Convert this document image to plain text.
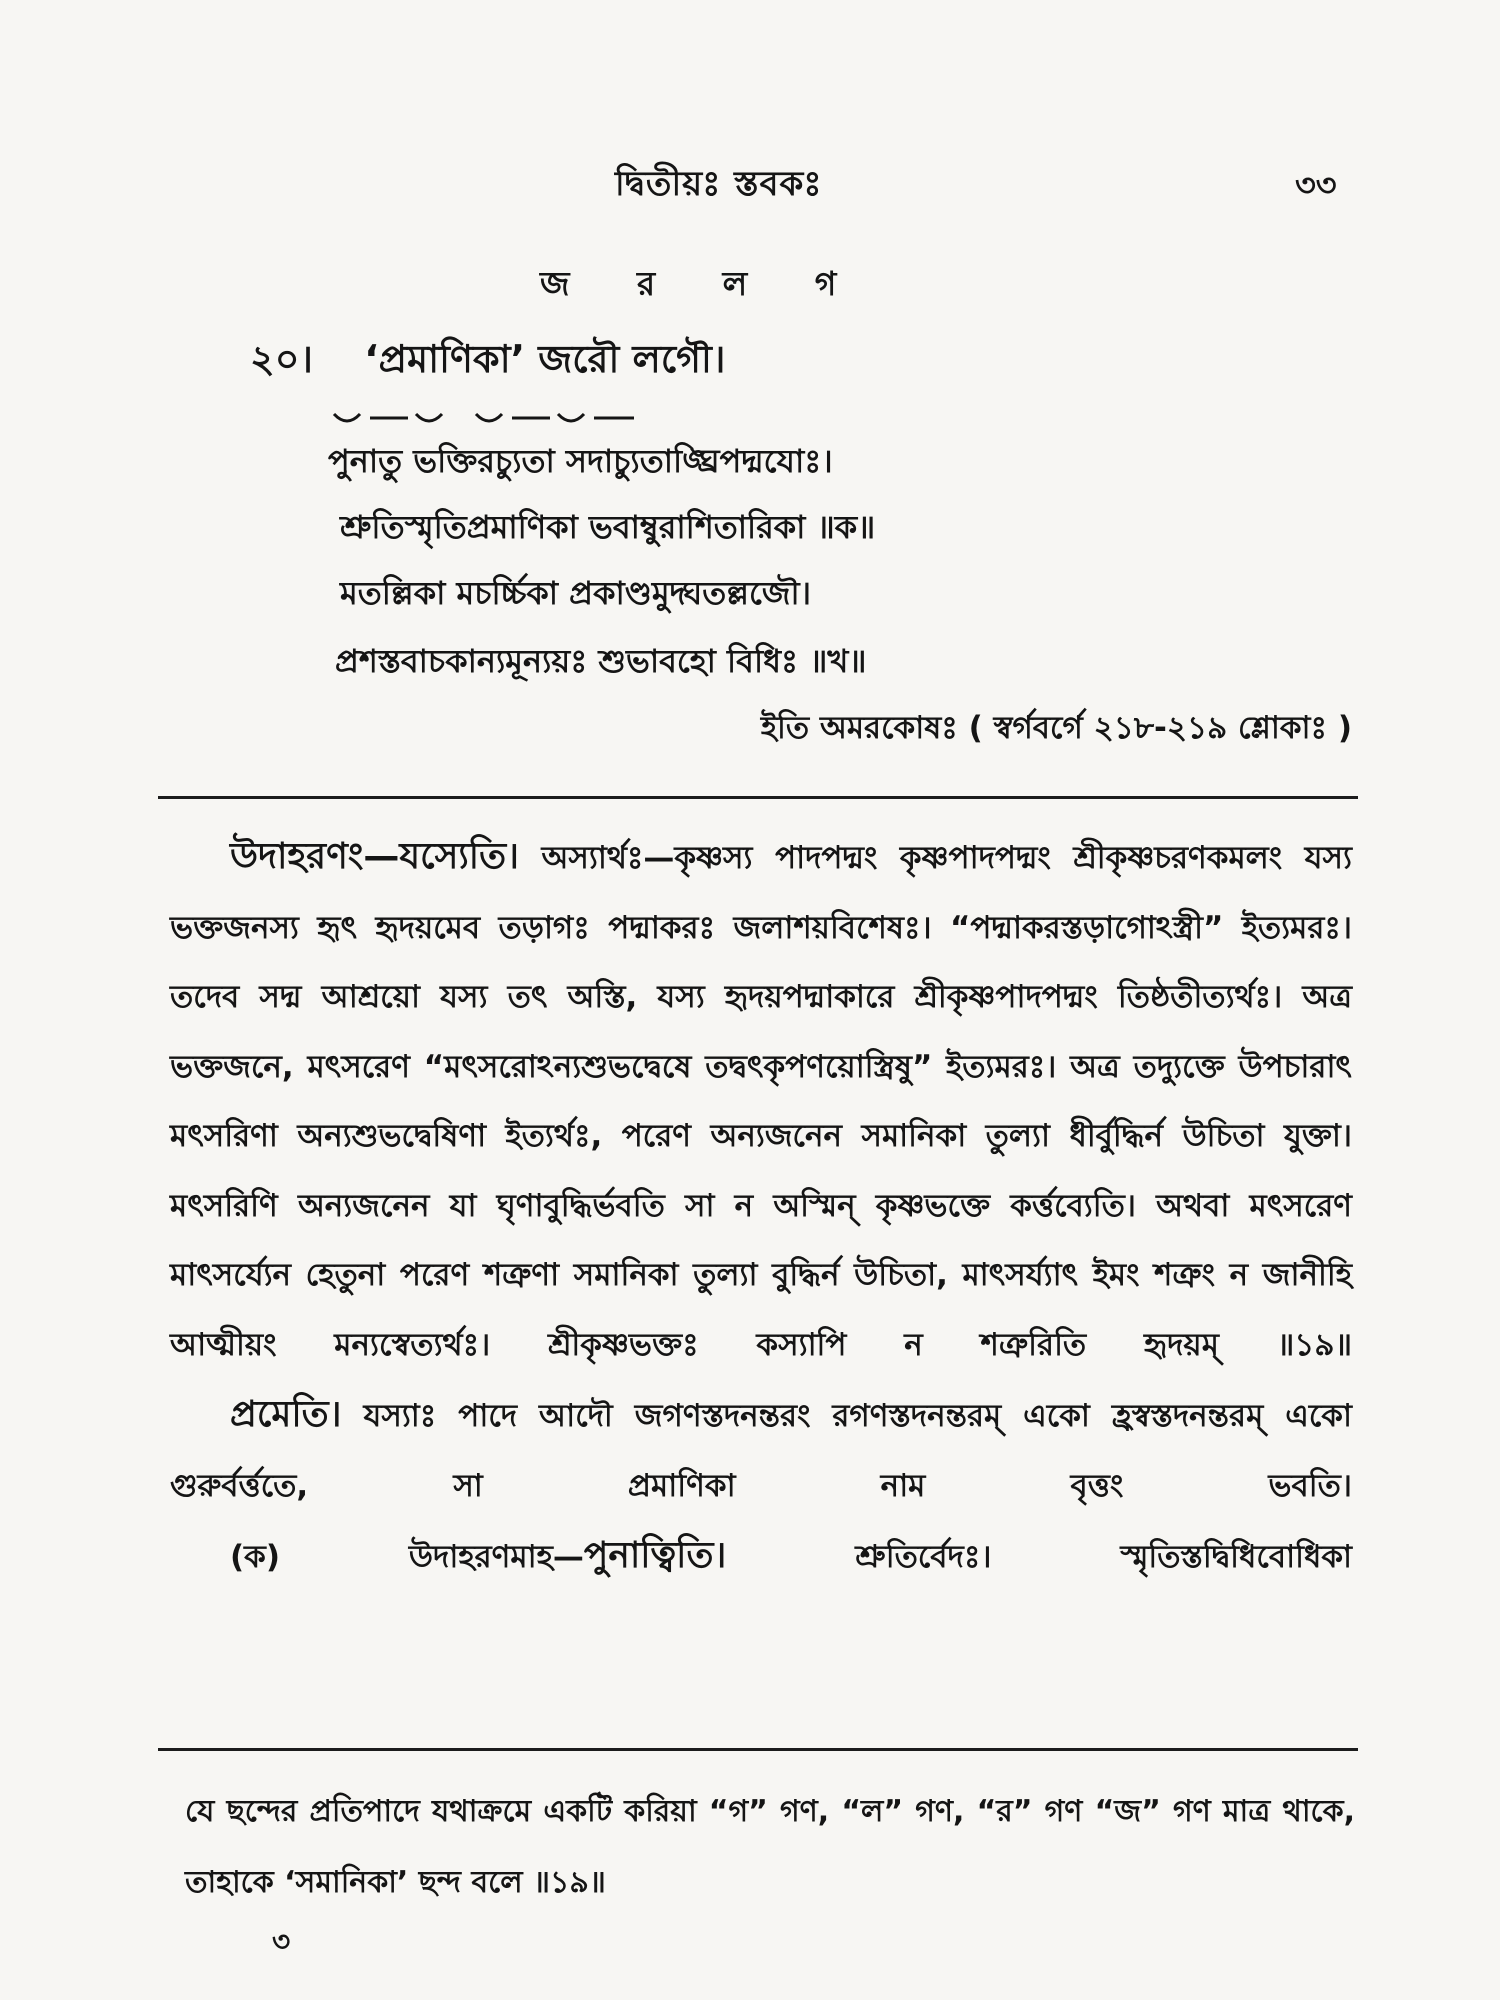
দ্বিতীয়ঃ স্তবকঃ	৩৩
জ র ল গ
২০। ‘প্রমাণিকা’ জরৌ লগৌ।
পুনাতু ভক্তিরচ্যুতা সদাচ্যুতাঙ্ঘ্রিপদ্মযোঃ।
শ্রুতিস্মৃতিপ্রমাণিকা ভবাম্বুরাশিতারিকা ॥ক॥
মতল্লিকা মচর্চ্চিকা প্রকাণ্ডমুদ্ঘতল্লজৌ।
প্রশস্তবাচকান্যমূন্যয়ঃ শুভাবহো বিধিঃ ॥খ॥
ইতি অমরকোষঃ ( স্বর্গবর্গে ২১৮-২১৯ শ্লোকাঃ )

উদাহরণং—যস্যেতি। অস্যার্থঃ—কৃষ্ণস্য পাদপদ্মং কৃষ্ণপাদপদ্মং শ্রীকৃষ্ণচরণকমলং যস্য ভক্তজনস্য হৃৎ হৃদয়মেব তড়াগঃ পদ্মাকরঃ জলাশয়বিশেষঃ। “পদ্মাকরস্তড়াগোঽস্ত্রী” ইত্যমরঃ। তদেব সদ্ম আশ্রয়ো যস্য তৎ অস্তি, যস্য হৃদয়পদ্মাকারে শ্রীকৃষ্ণপাদপদ্মং তিষ্ঠতীত্যর্থঃ। অত্র ভক্তজনে, মৎসরেণ “মৎসরোঽন্যশুভদ্বেষে তদ্বৎকৃপণয়োস্ত্রিষু” ইত্যমরঃ। অত্র তদ্যুক্তে উপচারাৎ মৎসরিণা অন্যশুভদ্বেষিণা ইত্যর্থঃ, পরেণ অন্যজনেন সমানিকা তুল্যা ধীর্বুদ্ধির্ন উচিতা যুক্তা। মৎসরিণি অন্যজনেন যা ঘৃণাবুদ্ধির্ভবতি সা ন অস্মিন্ কৃষ্ণভক্তে কর্ত্তব্যেতি। অথবা মৎসরেণ মাৎসর্য্যেন হেতুনা পরেণ শত্রুণা সমানিকা তুল্যা বুদ্ধির্ন উচিতা, মাৎসর্য্যাৎ ইমং শত্রুং ন জানীহি আত্মীয়ং মন্যস্বেত্যর্থঃ। শ্রীকৃষ্ণভক্তঃ কস্যাপি ন শত্রুরিতি হৃদয়ম্ ॥১৯॥

প্রমেতি। যস্যাঃ পাদে আদৌ জগণস্তদনন্তরং রগণস্তদনন্তরম্ একো হ্রস্বস্তদনন্তরম্ একো গুরুর্বর্ত্ততে, সা প্রমাণিকা নাম বৃত্তং ভবতি।

(ক) উদাহরণমাহ—পুনাত্বিতি। শ্রুতির্বেদঃ। স্মৃতিস্তদ্বিধিবোধিকা

যে ছন্দের প্রতিপাদে যথাক্রমে একটি করিয়া “গ” গণ, “ল” গণ, “র” গণ “জ” গণ মাত্র থাকে, তাহাকে ‘সমানিকা’ ছন্দ বলে ॥১৯॥

৩
